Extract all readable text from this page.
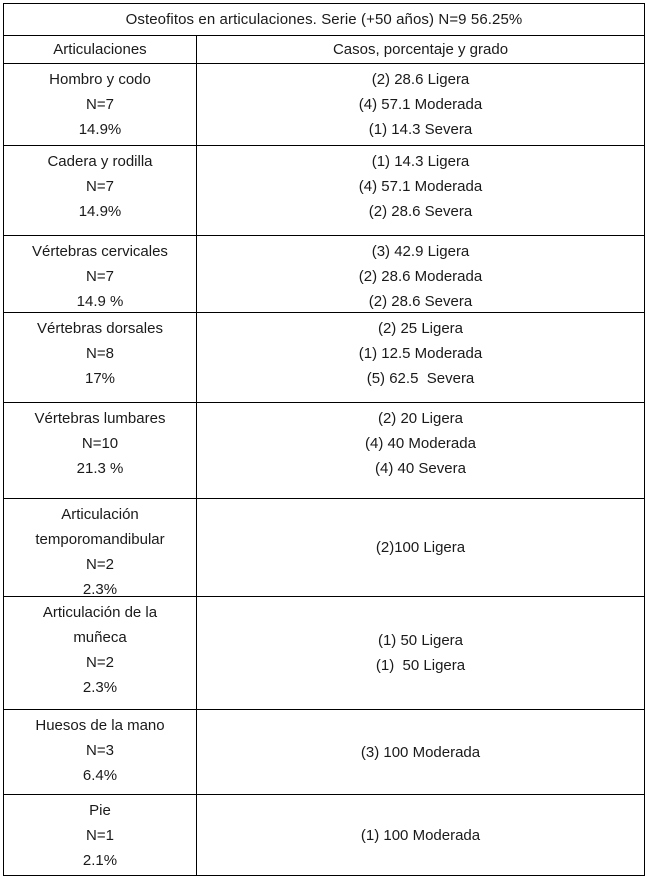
Osteofitos en articulaciones. Serie (+50 años) N=9 56.25%
Articulaciones	Casos, porcentaje y grado
Hombro y codo
N=7
14.9%
(2) 28.6 Ligera
(4) 57.1 Moderada
(1) 14.3 Severa
Cadera y rodilla
N=7
14.9%
(1) 14.3 Ligera
(4) 57.1 Moderada
(2) 28.6 Severa
Vértebras cervicales
N=7
14.9 %
(3) 42.9 Ligera
(2) 28.6 Moderada
(2) 28.6 Severa
Vértebras dorsales
N=8
17%
(2) 25 Ligera
(1) 12.5 Moderada
(5) 62.5  Severa
Vértebras lumbares
N=10
21.3 %
(2) 20 Ligera
(4) 40 Moderada
(4) 40 Severa
Articulación
temporomandibular
N=2
2.3%
(2)100 Ligera
Articulación de la
muñeca
N=2
2.3%
(1) 50 Ligera
(1)  50 Ligera
Huesos de la mano
N=3
6.4%
(3) 100 Moderada
Pie
N=1
2.1%
(1) 100 Moderada
